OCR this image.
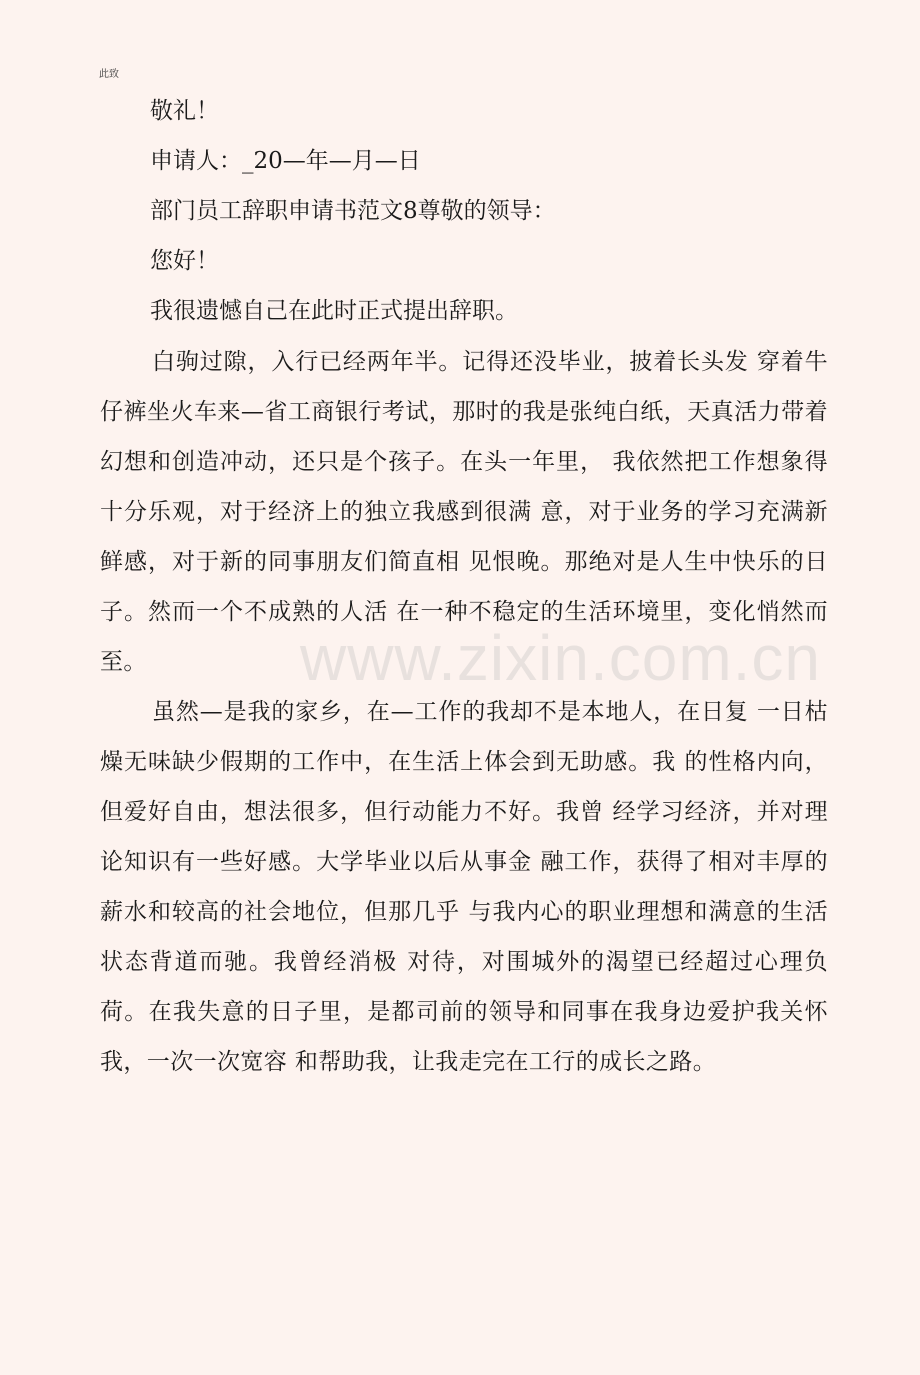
此致
敬礼！
申请人：_20—年—月—日
部门员工辞职申请书范文8尊敬的领导：
您好！
我很遗憾自己在此时正式提出辞职。
白驹过隙，入行已经两年半。记得还没毕业，披着长头发 穿着牛仔裤坐火车来—省工商银行考试，那时的我是张纯白纸，天真活力带着幻想和创造冲动，还只是个孩子。在头一年里， 我依然把工作想象得十分乐观，对于经济上的独立我感到很满 意，对于业务的学习充满新鲜感，对于新的同事朋友们简直相 见恨晚。那绝对是人生中快乐的日子。然而一个不成熟的人活 在一种不稳定的生活环境里，变化悄然而至。
虽然—是我的家乡，在—工作的我却不是本地人，在日复 一日枯燥无味缺少假期的工作中，在生活上体会到无助感。我 的性格内向，但爱好自由，想法很多，但行动能力不好。我曾 经学习经济，并对理论知识有一些好感。大学毕业以后从事金 融工作，获得了相对丰厚的薪水和较高的社会地位，但那几乎 与我内心的职业理想和满意的生活状态背道而驰。我曾经消极 对待，对围城外的渴望已经超过心理负荷。在我失意的日子里，是都司前的领导和同事在我身边爱护我关怀我，一次一次宽容 和帮助我，让我走完在工行的成长之路。
www.zixin.com.cn
